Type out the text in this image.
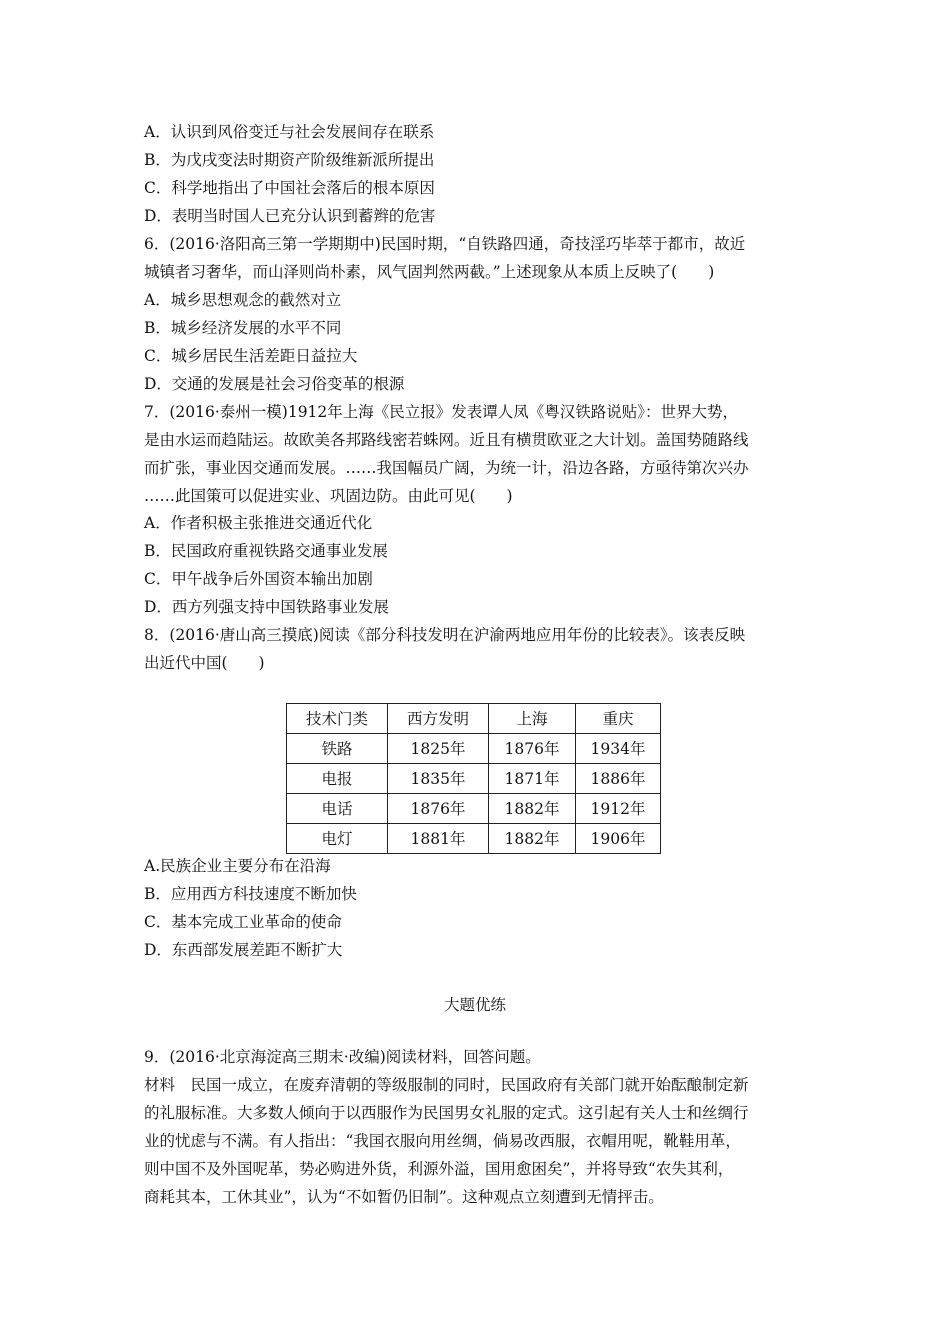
A．认识到风俗变迁与社会发展间存在联系
B．为戊戌变法时期资产阶级维新派所提出
C．科学地指出了中国社会落后的根本原因
D．表明当时国人已充分认识到蓄辫的危害
6．(2016·洛阳高三第一学期期中)民国时期，“自铁路四通，奇技淫巧毕萃于都市，故近
城镇者习奢华，而山泽则尚朴素，风气固判然两截。”上述现象从本质上反映了(　　)
A．城乡思想观念的截然对立
B．城乡经济发展的水平不同
C．城乡居民生活差距日益拉大
D．交通的发展是社会习俗变革的根源
7．(2016·泰州一模)1912年上海《民立报》发表谭人凤《粤汉铁路说贴》：世界大势，
是由水运而趋陆运。故欧美各邦路线密若蛛网。近且有横贯欧亚之大计划。盖国势随路线
而扩张，事业因交通而发展。……我国幅员广阔，为统一计，沿边各路，方亟待第次兴办
……此国策可以促进实业、巩固边防。由此可见(　　)
A．作者积极主张推进交通近代化
B．民国政府重视铁路交通事业发展
C．甲午战争后外国资本输出加剧
D．西方列强支持中国铁路事业发展
8．(2016·唐山高三摸底)阅读《部分科技发明在沪渝两地应用年份的比较表》。该表反映
出近代中国(　　)
技术门类	西方发明	上海	重庆
铁路	1825年	1876年	1934年
电报	1835年	1871年	1886年
电话	1876年	1882年	1912年
电灯	1881年	1882年	1906年
A.民族企业主要分布在沿海
B．应用西方科技速度不断加快
C．基本完成工业革命的使命
D．东西部发展差距不断扩大
大题优练
9．(2016·北京海淀高三期末·改编)阅读材料，回答问题。
材料　民国一成立，在废弃清朝的等级服制的同时，民国政府有关部门就开始酝酿制定新
的礼服标准。大多数人倾向于以西服作为民国男女礼服的定式。这引起有关人士和丝绸行
业的忧虑与不满。有人指出：“我国衣服向用丝绸，倘易改西服，衣帽用呢，靴鞋用革，
则中国不及外国呢革，势必购进外货，利源外溢，国用愈困矣”，并将导致“农失其利，
商耗其本，工休其业”，认为“不如暂仍旧制”。这种观点立刻遭到无情抨击。
